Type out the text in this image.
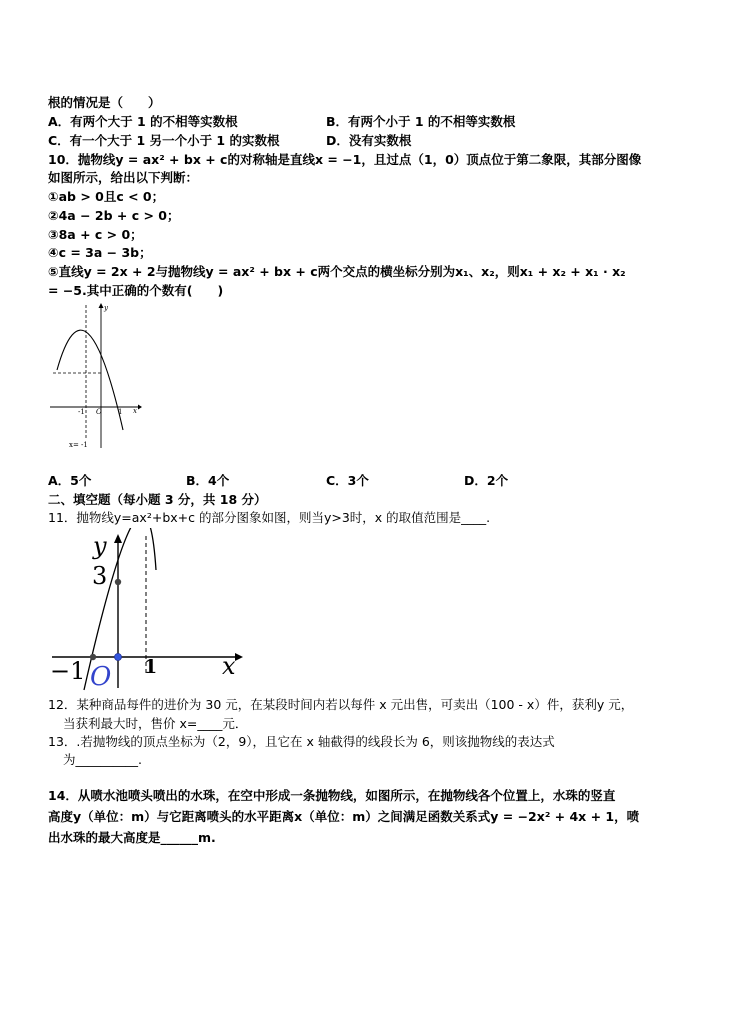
根的情况是（　　）
A．有两个大于 1 的不相等实数根	B．有两个小于 1 的不相等实数根
C．有一个大于 1 另一个小于 1 的实数根	D．没有实数根
10．抛物线y = ax² + bx + c的对称轴是直线x = −1，且过点（1，0）顶点位于第二象限，其部分图像
如图所示，给出以下判断：
①ab > 0且c < 0；
②4a − 2b + c > 0；
③8a + c > 0；
④c = 3a − 3b；
⑤直线y = 2x + 2与抛物线y = ax² + bx + c两个交点的横坐标分别为x₁、x₂，则x₁ + x₂ + x₁ · x₂
= −5.其中正确的个数有(　　)
y
x
-1 O 1
x= -1
A．5个	B．4个	C．3个	D．2个
二、填空题（每小题 3 分，共 18 分）
11．抛物线y=ax²+bx+c 的部分图象如图，则当y>3时，x 的取值范围是____.
y
3
−1 O 1	x
12．某种商品每件的进价为 30 元，在某段时间内若以每件 x 元出售，可卖出（100 - x）件，获利y 元，
当获利最大时，售价 x=____元．
13．.若抛物线的顶点坐标为（2，9），且它在 x 轴截得的线段长为 6，则该抛物线的表达式
为__________.
14．从喷水池喷头喷出的水珠，在空中形成一条抛物线，如图所示，在抛物线各个位置上，水珠的竖直
高度y（单位：m）与它距离喷头的水平距离x（单位：m）之间满足函数关系式y = −2x² + 4x + 1，喷
出水珠的最大高度是______m.
